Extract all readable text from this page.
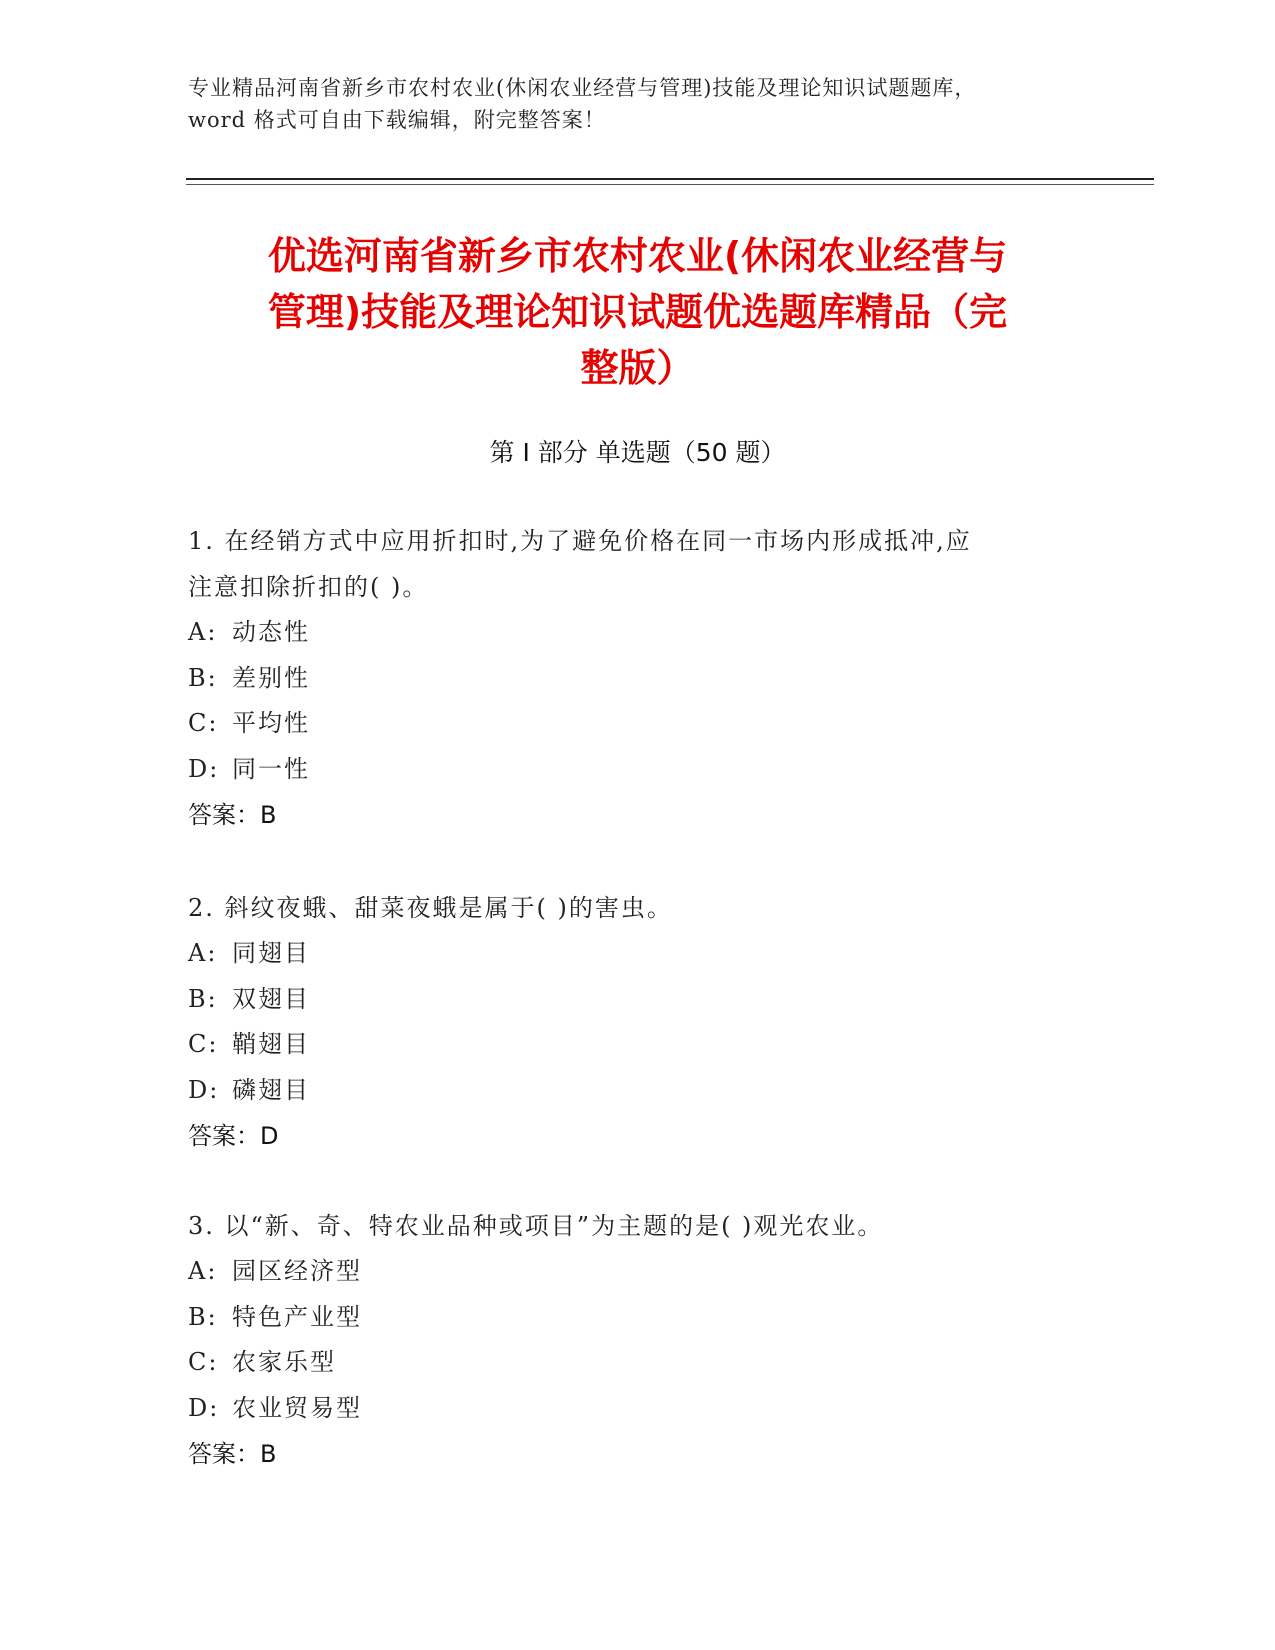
专业精品河南省新乡市农村农业(休闲农业经营与管理)技能及理论知识试题题库，
word 格式可自由下载编辑，附完整答案！
优选河南省新乡市农村农业(休闲农业经营与
管理)技能及理论知识试题优选题库精品（完
整版）
第 I 部分 单选题（50 题）
1. 在经销方式中应用折扣时,为了避免价格在同一市场内形成抵冲,应
注意扣除折扣的( )。
A: 动态性
B: 差别性
C: 平均性
D: 同一性
答案：B
2. 斜纹夜蛾、甜菜夜蛾是属于( )的害虫。
A: 同翅目
B: 双翅目
C: 鞘翅目
D: 磷翅目
答案：D
3. 以“新、奇、特农业品种或项目”为主题的是( )观光农业。
A: 园区经济型
B: 特色产业型
C: 农家乐型
D: 农业贸易型
答案：B
